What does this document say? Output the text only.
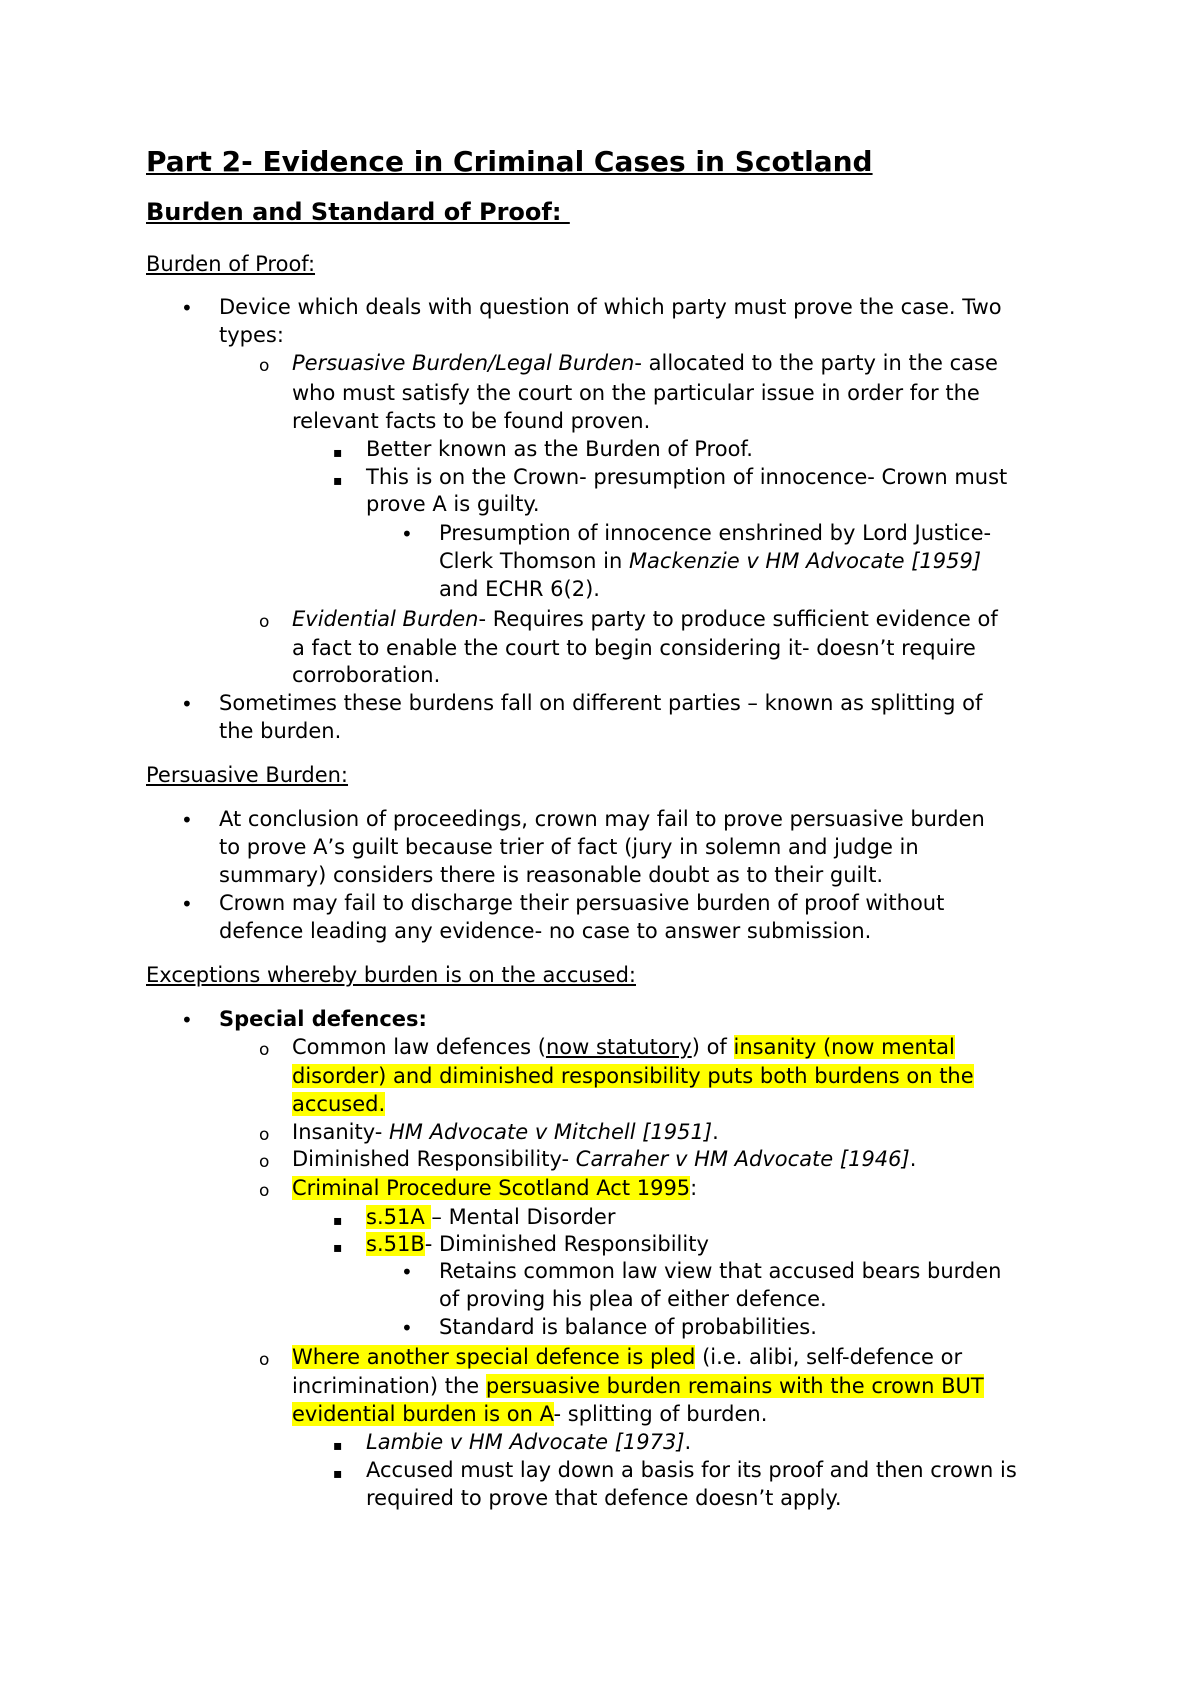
Part 2- Evidence in Criminal Cases in Scotland
Burden and Standard of Proof:
Burden of Proof:
• Device which deals with question of which party must prove the case. Two
types:
o Persuasive Burden/Legal Burden- allocated to the party in the case
who must satisfy the court on the particular issue in order for the
relevant facts to be found proven.
▪ Better known as the Burden of Proof.
▪ This is on the Crown- presumption of innocence- Crown must
prove A is guilty.
• Presumption of innocence enshrined by Lord Justice-
Clerk Thomson in Mackenzie v HM Advocate [1959]
and ECHR 6(2).
o Evidential Burden- Requires party to produce sufficient evidence of
a fact to enable the court to begin considering it- doesn’t require
corroboration.
• Sometimes these burdens fall on different parties – known as splitting of
the burden.
Persuasive Burden:
• At conclusion of proceedings, crown may fail to prove persuasive burden
to prove A’s guilt because trier of fact (jury in solemn and judge in
summary) considers there is reasonable doubt as to their guilt.
• Crown may fail to discharge their persuasive burden of proof without
defence leading any evidence- no case to answer submission.
Exceptions whereby burden is on the accused:
• Special defences:
o Common law defences (now statutory) of insanity (now mental
disorder) and diminished responsibility puts both burdens on the
accused.
o Insanity- HM Advocate v Mitchell [1951].
o Diminished Responsibility- Carraher v HM Advocate [1946].
o Criminal Procedure Scotland Act 1995:
▪ s.51A – Mental Disorder
▪ s.51B- Diminished Responsibility
• Retains common law view that accused bears burden
of proving his plea of either defence.
• Standard is balance of probabilities.
o Where another special defence is pled (i.e. alibi, self-defence or
incrimination) the persuasive burden remains with the crown BUT
evidential burden is on A- splitting of burden.
▪ Lambie v HM Advocate [1973].
▪ Accused must lay down a basis for its proof and then crown is
required to prove that defence doesn’t apply.
